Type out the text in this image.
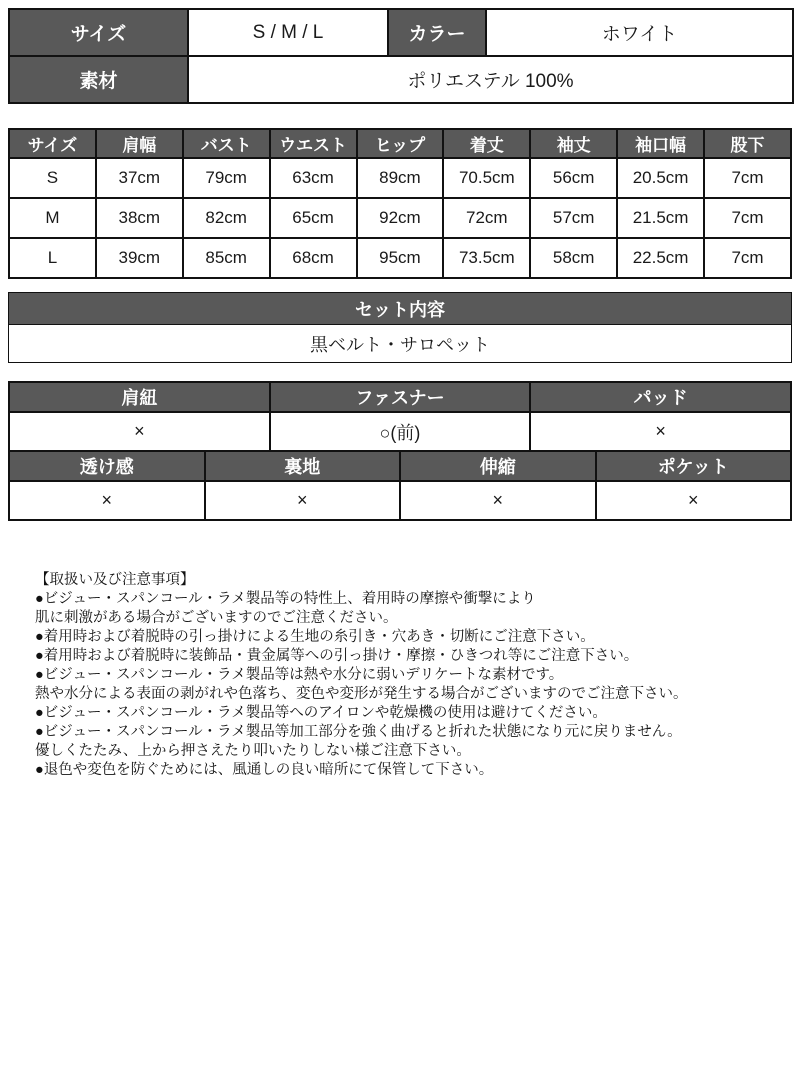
サイズ	S / M / L	カラー	ホワイト
素材	ポリエステル 100%		
サイズ	肩幅	バスト	ウエスト	ヒップ	着丈	袖丈	袖口幅	股下
S	37cm	79cm	63cm	89cm	70.5cm	56cm	20.5cm	7cm
M	38cm	82cm	65cm	92cm	72cm	57cm	21.5cm	7cm
L	39cm	85cm	68cm	95cm	73.5cm	58cm	22.5cm	7cm
セット内容
黒ベルト・サロペット
肩紐	ファスナー	パッド
×	○(前)	×
透け感	裏地	伸縮	ポケット
×	×	×	×
【取扱い及び注意事項】
●ビジュー・スパンコール・ラメ製品等の特性上、着用時の摩擦や衝撃により
肌に刺激がある場合がございますのでご注意ください。
●着用時および着脱時の引っ掛けによる生地の糸引き・穴あき・切断にご注意下さい。
●着用時および着脱時に装飾品・貴金属等への引っ掛け・摩擦・ひきつれ等にご注意下さい。
●ビジュー・スパンコール・ラメ製品等は熱や水分に弱いデリケートな素材です。
熱や水分による表面の剥がれや色落ち、変色や変形が発生する場合がございますのでご注意下さい。
●ビジュー・スパンコール・ラメ製品等へのアイロンや乾燥機の使用は避けてください。
●ビジュー・スパンコール・ラメ製品等加工部分を強く曲げると折れた状態になり元に戻りません。
優しくたたみ、上から押さえたり叩いたりしない様ご注意下さい。
●退色や変色を防ぐためには、風通しの良い暗所にて保管して下さい。
